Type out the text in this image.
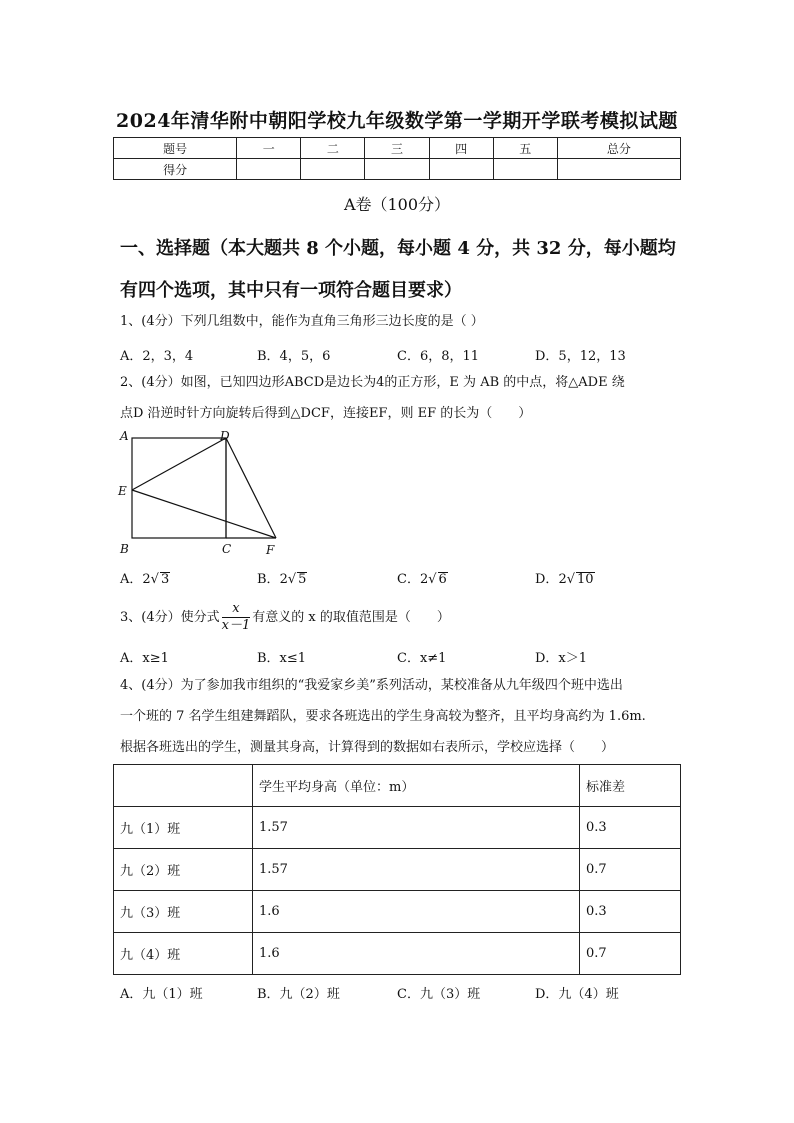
2024年清华附中朝阳学校九年级数学第一学期开学联考模拟试题
题号	一	二	三	四	五	总分
得分						
A卷（100分）
一、选择题（本大题共 8 个小题，每小题 4 分，共 32 分，每小题均
有四个选项，其中只有一项符合题目要求）
1、(4分）下列几组数中，能作为直角三角形三边长度的是（ ）
A．2，3，4	B．4，5，6	C．6，8，11	D．5，12，13
2、(4分）如图，已知四边形ABCD是边长为4的正方形，E 为 AB 的中点，将△ADE 绕
点D 沿逆时针方向旋转后得到△DCF，连接EF，则 EF 的长为（　　）
A	D
E
B	C	F
A．2√ 3	B．2√ 5	C．2√ 6	D．2√ 10
3、(4分）使分式 $\frac{x}{x-1}$ 有意义的 x 的取值范围是（　　）
A．x≥1	B．x≤1	C．x≠1	D．x＞1
4、(4分）为了参加我市组织的“我爱家乡美”系列活动，某校准备从九年级四个班中选出
一个班的 7 名学生组建舞蹈队，要求各班选出的学生身高较为整齐，且平均身高约为 1.6m.
根据各班选出的学生，测量其身高，计算得到的数据如右表所示，学校应选择（　　）
	学生平均身高（单位：m）	标准差
九（1）班	1.57	0.3
九（2）班	1.57	0.7
九（3）班	1.6	0.3
九（4）班	1.6	0.7
A．九（1）班	B．九（2）班	C．九（3）班	D．九（4）班
